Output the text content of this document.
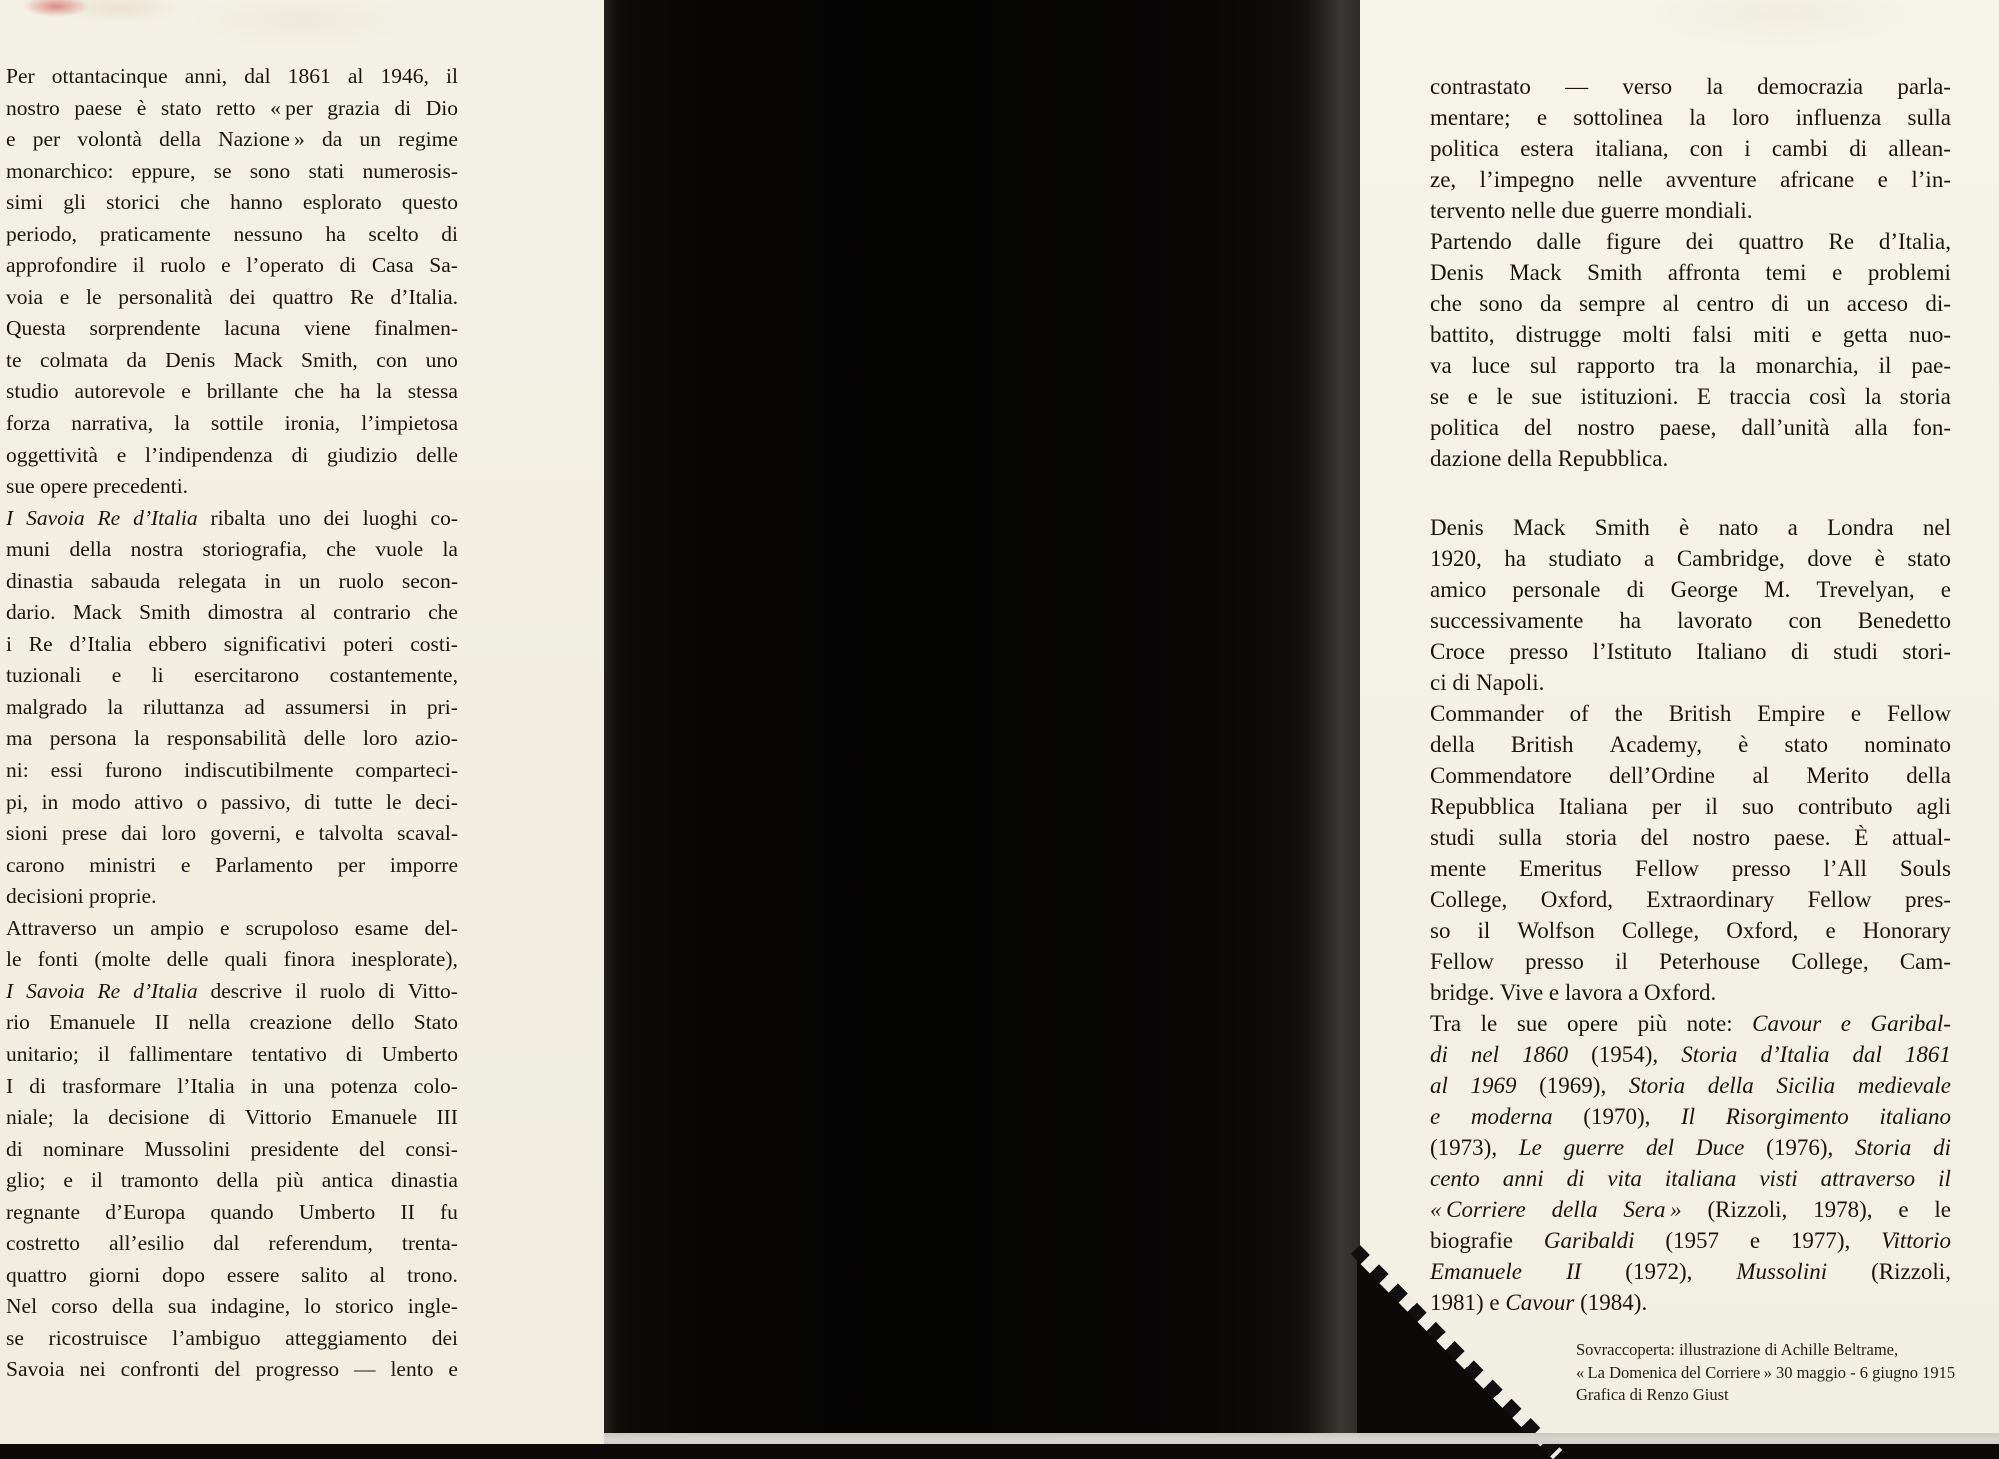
Per ottantacinque anni, dal 1861 al 1946, il
nostro paese è stato retto « per grazia di Dio
e per volontà della Nazione » da un regime
monarchico: eppure, se sono stati numerosis-
simi gli storici che hanno esplorato questo
periodo, praticamente nessuno ha scelto di
approfondire il ruolo e l’operato di Casa Sa-
voia e le personalità dei quattro Re d’Italia.
Questa sorprendente lacuna viene finalmen-
te colmata da Denis Mack Smith, con uno
studio autorevole e brillante che ha la stessa
forza narrativa, la sottile ironia, l’impietosa
oggettività e l’indipendenza di giudizio delle
sue opere precedenti.
I Savoia Re d’Italia ribalta uno dei luoghi co-
muni della nostra storiografia, che vuole la
dinastia sabauda relegata in un ruolo secon-
dario. Mack Smith dimostra al contrario che
i Re d’Italia ebbero significativi poteri costi-
tuzionali e li esercitarono costantemente,
malgrado la riluttanza ad assumersi in pri-
ma persona la responsabilità delle loro azio-
ni: essi furono indiscutibilmente comparteci-
pi, in modo attivo o passivo, di tutte le deci-
sioni prese dai loro governi, e talvolta scaval-
carono ministri e Parlamento per imporre
decisioni proprie.
Attraverso un ampio e scrupoloso esame del-
le fonti (molte delle quali finora inesplorate),
I Savoia Re d’Italia descrive il ruolo di Vitto-
rio Emanuele II nella creazione dello Stato
unitario; il fallimentare tentativo di Umberto
I di trasformare l’Italia in una potenza colo-
niale; la decisione di Vittorio Emanuele III
di nominare Mussolini presidente del consi-
glio; e il tramonto della più antica dinastia
regnante d’Europa quando Umberto II fu
costretto all’esilio dal referendum, trenta-
quattro giorni dopo essere salito al trono.
Nel corso della sua indagine, lo storico ingle-
se ricostruisce l’ambiguo atteggiamento dei
Savoia nei confronti del progresso — lento e
contrastato — verso la democrazia parla-
mentare; e sottolinea la loro influenza sulla
politica estera italiana, con i cambi di allean-
ze, l’impegno nelle avventure africane e l’in-
tervento nelle due guerre mondiali.
Partendo dalle figure dei quattro Re d’Italia,
Denis Mack Smith affronta temi e problemi
che sono da sempre al centro di un acceso di-
battito, distrugge molti falsi miti e getta nuo-
va luce sul rapporto tra la monarchia, il pae-
se e le sue istituzioni. E traccia così la storia
politica del nostro paese, dall’unità alla fon-
dazione della Repubblica.
Denis Mack Smith è nato a Londra nel
1920, ha studiato a Cambridge, dove è stato
amico personale di George M. Trevelyan, e
successivamente ha lavorato con Benedetto
Croce presso l’Istituto Italiano di studi stori-
ci di Napoli.
Commander of the British Empire e Fellow
della British Academy, è stato nominato
Commendatore dell’Ordine al Merito della
Repubblica Italiana per il suo contributo agli
studi sulla storia del nostro paese. È attual-
mente Emeritus Fellow presso l’All Souls
College, Oxford, Extraordinary Fellow pres-
so il Wolfson College, Oxford, e Honorary
Fellow presso il Peterhouse College, Cam-
bridge. Vive e lavora a Oxford.
Tra le sue opere più note: Cavour e Garibal-
di nel 1860 (1954), Storia d’Italia dal 1861
al 1969 (1969), Storia della Sicilia medievale
e moderna (1970), Il Risorgimento italiano
(1973), Le guerre del Duce (1976), Storia di
cento anni di vita italiana visti attraverso il
« Corriere della Sera » (Rizzoli, 1978), e le
biografie Garibaldi (1957 e 1977), Vittorio
Emanuele II (1972), Mussolini (Rizzoli,
1981) e Cavour (1984).
Sovraccoperta: illustrazione di Achille Beltrame,
« La Domenica del Corriere » 30 maggio - 6 giugno 1915
Grafica di Renzo Giust
